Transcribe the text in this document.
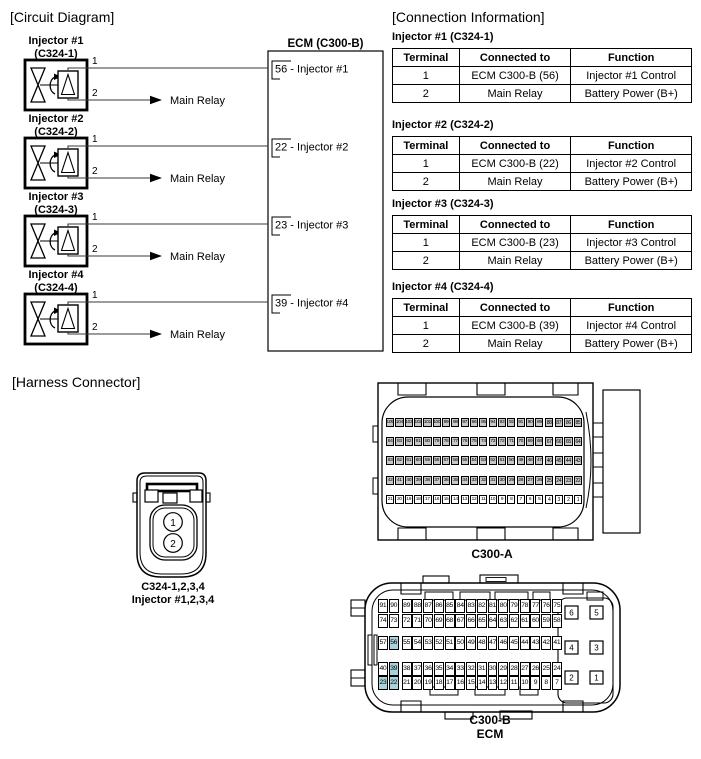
[Circuit Diagram]	[Connection Information]
[Harness Connector]
ECM (C300-B)
Injector #1
(C324-1)
1
2
Main Relay
56 - Injector #1
Injector #2
(C324-2)
1
2
Main Relay
22 - Injector #2
Injector #3
(C324-3)
1
2
Main Relay
23 - Injector #3
Injector #4
(C324-4)
1
2
Main Relay
39 - Injector #4
Injector #1 (C324-1)
Terminal	Connected to	Function
1	ECM C300-B (56)	Injector #1 Control
2	Main Relay	Battery Power (B+)
Injector #2 (C324-2)
Terminal	Connected to	Function
1	ECM C300-B (22)	Injector #2 Control
2	Main Relay	Battery Power (B+)
Injector #3 (C324-3)
Terminal	Connected to	Function
1	ECM C300-B (23)	Injector #3 Control
2	Main Relay	Battery Power (B+)
Injector #4 (C324-4)
Terminal	Connected to	Function
1	ECM C300-B (39)	Injector #4 Control
2	Main Relay	Battery Power (B+)
1
2
C324-1,2,3,4
Injector #1,2,3,4
C300-A
6	5
4	3
2	1
C300-B
ECM
105 104 103 102 101 100 99 98 97 96 95 94 93 92 91 90 89 88 87 86 85
84 83 82 81 80 79 78 77 76 75 74 73 72 71 70 69 68 67 66 65 64
63 62 61 60 59 58 57 56 55 54 53 52 51 50 49 48 47 46 45 44 43
42 41 40 39 38 37 36 35 34 33 32 31 30 29 28 27 26 25 24 23 22
21 20 19 18 17 16 15 14 13 12 11 10	9	8	7	6	5	4	3	2	1
91 90 89 88 87 86 85 84 83 82 81 80 79 78 77 76 75
74 73 72 71 70 69 68 67 66 65 64 63 62 61 60 59 58
57 56 55 54 53 52 51 50 49 48 47 46 45 44 43 42 41
40 39 38 37 36 35 34 33 32 31 30 29 28 27 26 25 24
23 22 21 20 19 18 17 16 15 14 13 12 11 10 9	8	7
